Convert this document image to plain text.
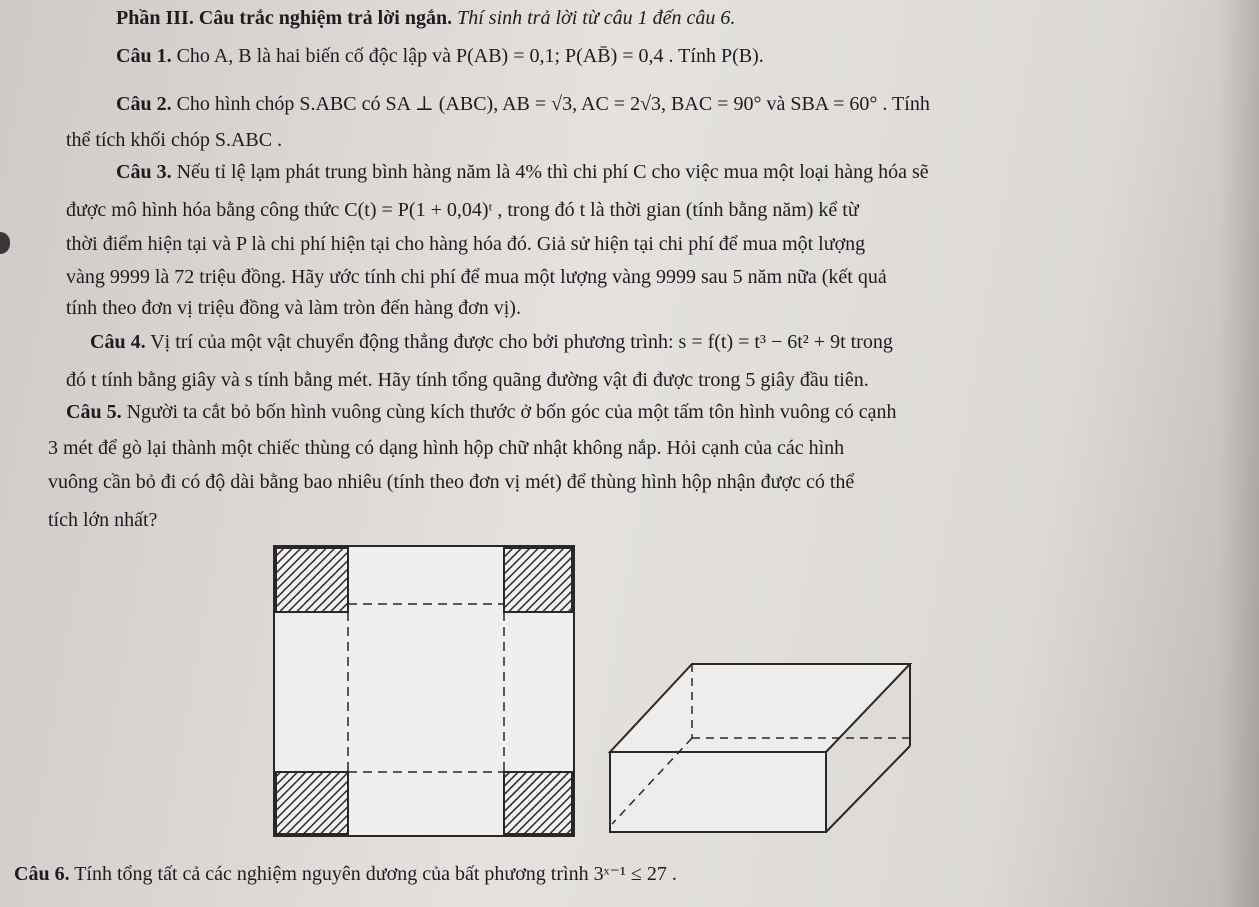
Phần III. Câu trắc nghiệm trả lời ngắn. Thí sinh trả lời từ câu 1 đến câu 6.
Câu 1. Cho A, B là hai biến cố độc lập và P(AB) = 0,1; P(AB̄) = 0,4 . Tính P(B).
Câu 2. Cho hình chóp S.ABC có SA ⊥ (ABC), AB = √3, AC = 2√3, BAC = 90° và SBA = 60° . Tính
thể tích khối chóp S.ABC .
Câu 3. Nếu tỉ lệ lạm phát trung bình hàng năm là 4% thì chi phí C cho việc mua một loại hàng hóa sẽ
được mô hình hóa bằng công thức C(t) = P(1 + 0,04)ᵗ , trong đó t là thời gian (tính bằng năm) kể từ
thời điểm hiện tại và P là chi phí hiện tại cho hàng hóa đó. Giả sử hiện tại chi phí để mua một lượng
vàng 9999 là 72 triệu đồng. Hãy ước tính chi phí để mua một lượng vàng 9999 sau 5 năm nữa (kết quả
tính theo đơn vị triệu đồng và làm tròn đến hàng đơn vị).
Câu 4. Vị trí của một vật chuyển động thẳng được cho bởi phương trình: s = f(t) = t³ − 6t² + 9t trong
đó t tính bằng giây và s tính bằng mét. Hãy tính tổng quãng đường vật đi được trong 5 giây đầu tiên.
Câu 5. Người ta cắt bỏ bốn hình vuông cùng kích thước ở bốn góc của một tấm tôn hình vuông có cạnh
3 mét để gò lại thành một chiếc thùng có dạng hình hộp chữ nhật không nắp. Hỏi cạnh của các hình
vuông cần bỏ đi có độ dài bằng bao nhiêu (tính theo đơn vị mét) để thùng hình hộp nhận được có thể
tích lớn nhất?
Câu 6. Tính tổng tất cả các nghiệm nguyên dương của bất phương trình 3ˣ⁻¹ ≤ 27 .
